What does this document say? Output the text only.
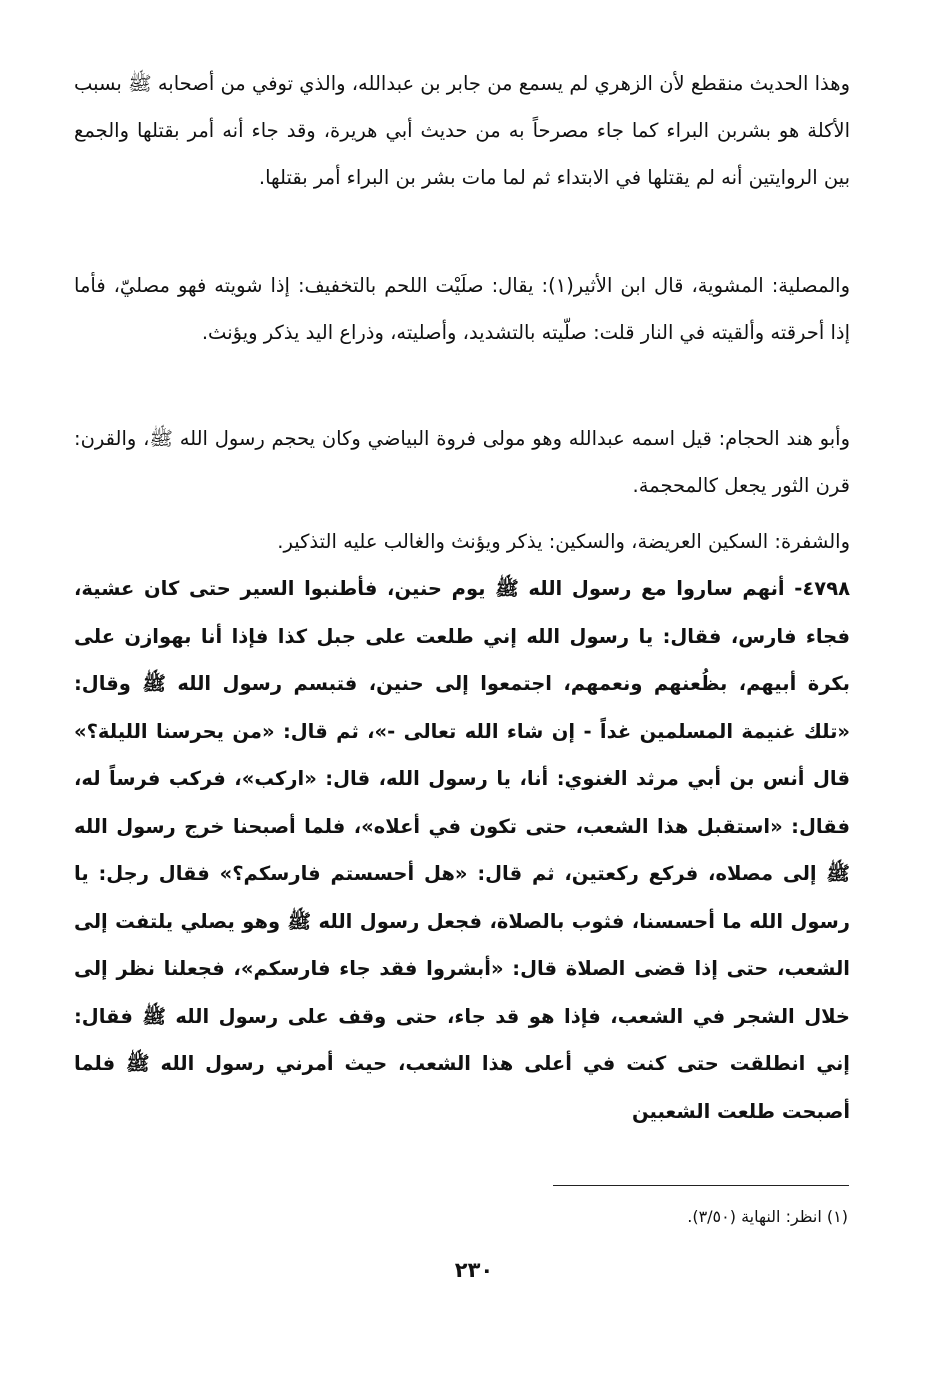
وهذا الحديث منقطع لأن الزهري لم يسمع من جابر بن عبدالله، والذي توفي من أصحابه ﷺ بسبب الأكلة هو بشربن البراء كما جاء مصرحاً به من حديث أبي هريرة، وقد جاء أنه أمر بقتلها والجمع بين الروايتين أنه لم يقتلها في الابتداء ثم لما مات بشر بن البراء أمر بقتلها.

والمصلية: المشوية، قال ابن الأثير(١): يقال: صلَيْت اللحم بالتخفيف: إذا شويته فهو مصليّ، فأما إذا أحرقته وألقيته في النار قلت: صلّيته بالتشديد، وأصليته، وذراع اليد يذكر ويؤنث.

وأبو هند الحجام: قيل اسمه عبدالله وهو مولى فروة البياضي وكان يحجم رسول الله ﷺ، والقرن: قرن الثور يجعل كالمحجمة.

والشفرة: السكين العريضة، والسكين: يذكر ويؤنث والغالب عليه التذكير.

٤٧٩٨- أنهم ساروا مع رسول الله ﷺ يوم حنين، فأطنبوا السير حتى كان عشية، فجاء فارس، فقال: يا رسول الله إني طلعت على جبل كذا فإذا أنا بهوازن على بكرة أبيهم، بظُعنهم ونعمهم، اجتمعوا إلى حنين، فتبسم رسول الله ﷺ وقال: «تلك غنيمة المسلمين غداً - إن شاء الله تعالى -»، ثم قال: «من يحرسنا الليلة؟» قال أنس بن أبي مرثد الغنوي: أنا، يا رسول الله، قال: «اركب»، فركب فرساً له، فقال: «استقبل هذا الشعب، حتى تكون في أعلاه»، فلما أصبحنا خرج رسول الله ﷺ إلى مصلاه، فركع ركعتين، ثم قال: «هل أحسستم فارسكم؟» فقال رجل: يا رسول الله ما أحسسنا، فثوب بالصلاة، فجعل رسول الله ﷺ وهو يصلي يلتفت إلى الشعب، حتى إذا قضى الصلاة قال: «أبشروا فقد جاء فارسكم»، فجعلنا نظر إلى خلال الشجر في الشعب، فإذا هو قد جاء، حتى وقف على رسول الله ﷺ فقال: إني انطلقت حتى كنت في أعلى هذا الشعب، حيث أمرني رسول الله ﷺ فلما أصبحت طلعت الشعبين

(١) انظر: النهاية (٣/٥٠).

٢٣٠
